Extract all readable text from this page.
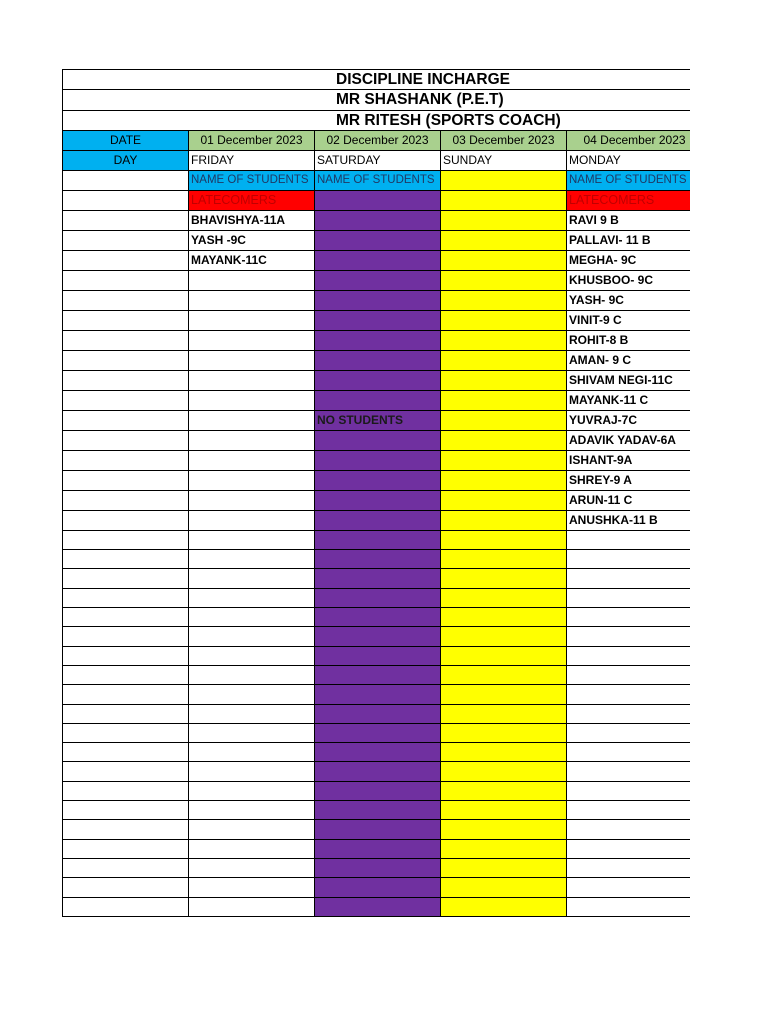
DISCIPLINE INCHARGE				
MR SHASHANK (P.E.T)				
MR RITESH (SPORTS COACH)				
DATE	01 December 2023	02 December 2023	03 December 2023	04 December 2023
DAY	FRIDAY	SATURDAY	SUNDAY	MONDAY
	NAME OF STUDENTS	NAME OF STUDENTS		NAME OF STUDENTS
	LATECOMERS			LATECOMERS
	BHAVISHYA-11A			RAVI 9 B
	YASH -9C			PALLAVI- 11 B
	MAYANK-11C			MEGHA- 9C
				KHUSBOO- 9C
				YASH- 9C
				VINIT-9 C
				ROHIT-8 B
				AMAN- 9 C
				SHIVAM NEGI-11C
				MAYANK-11 C
		NO STUDENTS		YUVRAJ-7C
				ADAVIK YADAV-6A
				ISHANT-9A
				SHREY-9 A
				ARUN-11 C
				ANUSHKA-11 B
